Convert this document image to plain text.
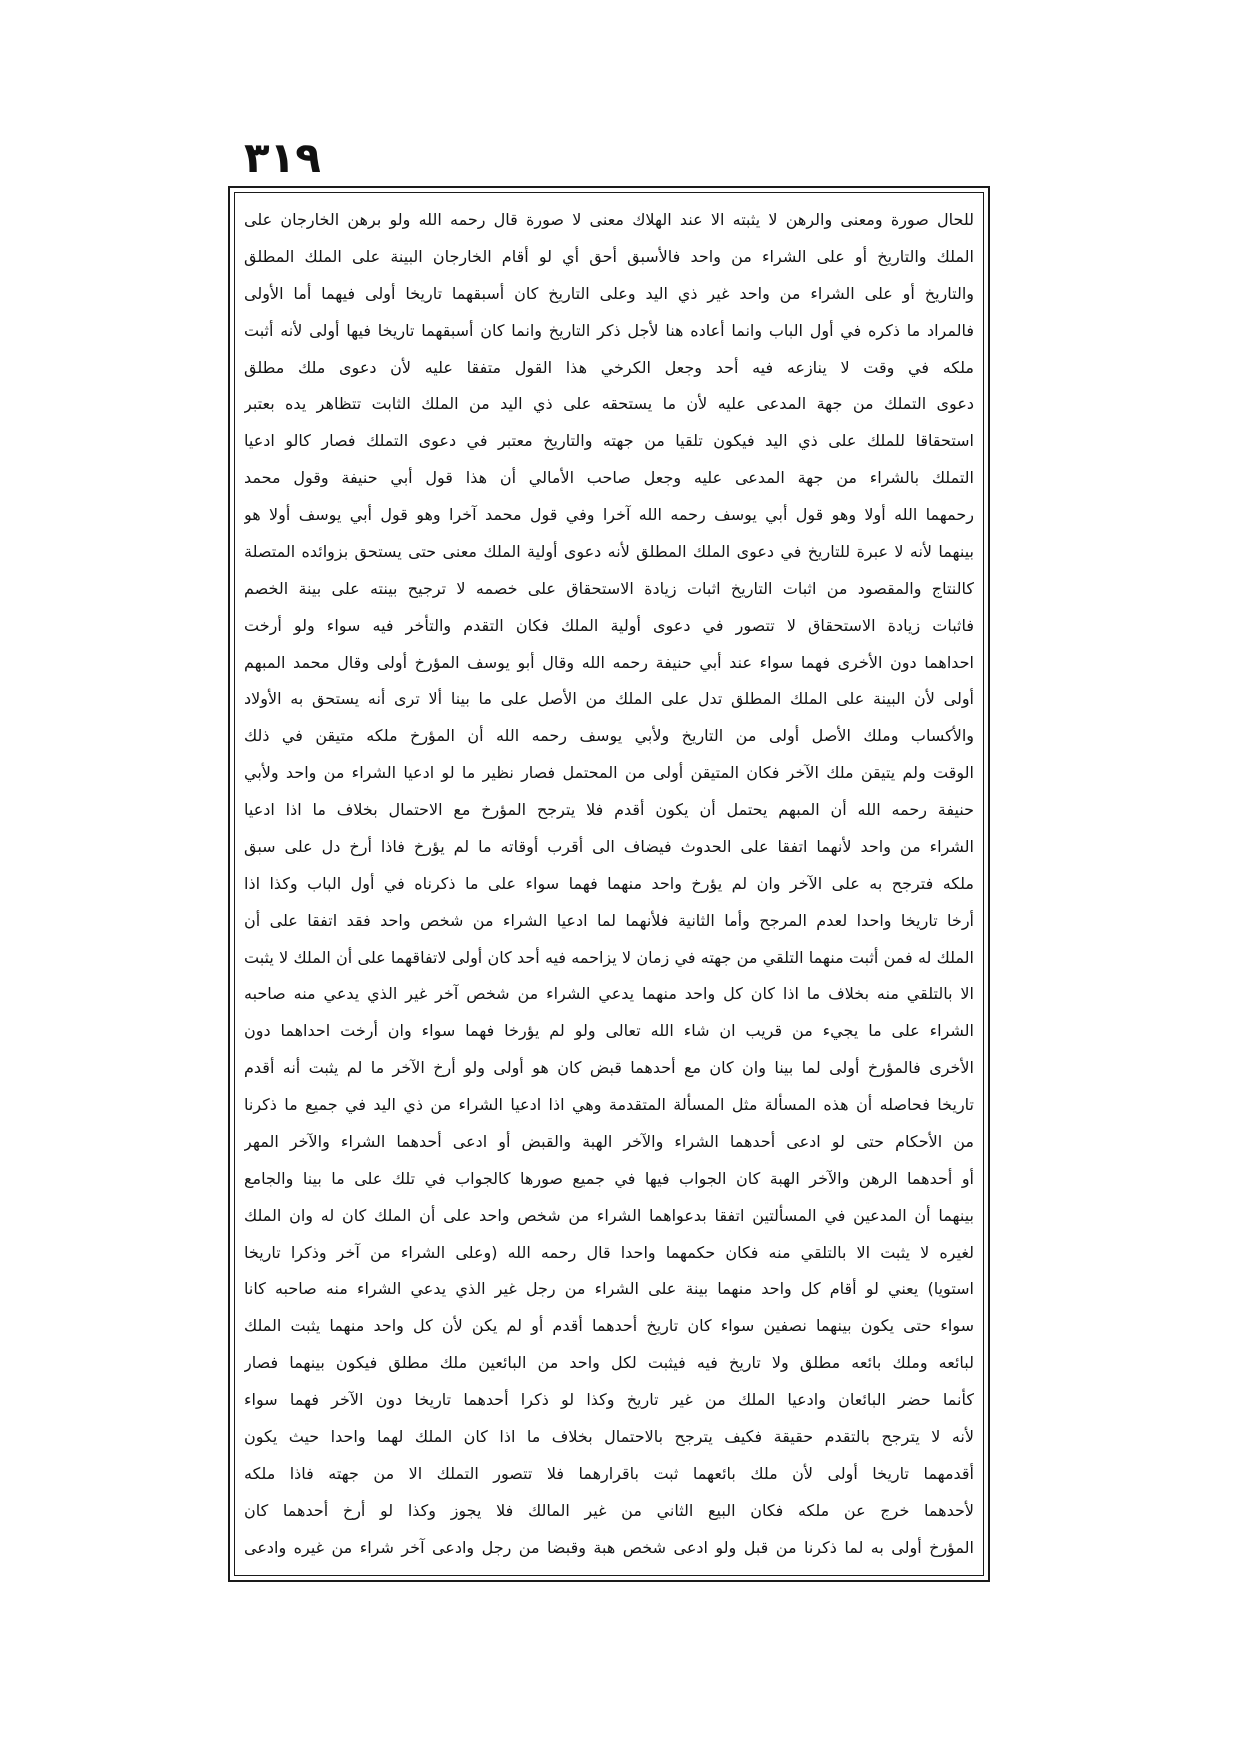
٣١٩
للحال صورة ومعنى والرهن لا يثبته الا عند الهلاك معنى لا صورة قال رحمه الله ولو برهن الخارجان على
الملك والتاريخ أو على الشراء من واحد فالأسبق أحق أي لو أقام الخارجان البينة على الملك المطلق
والتاريخ أو على الشراء من واحد غير ذي اليد وعلى التاريخ كان أسبقهما تاريخا أولى فيهما أما الأولى
فالمراد ما ذكره في أول الباب وانما أعاده هنا لأجل ذكر التاريخ وانما كان أسبقهما تاريخا فيها أولى لأنه أثبت
ملكه في وقت لا ينازعه فيه أحد وجعل الكرخي هذا القول متفقا عليه لأن دعوى ملك مطلق
دعوى التملك من جهة المدعى عليه لأن ما يستحقه على ذي اليد من الملك الثابت تتظاهر يده بعتبر
استحقاقا للملك على ذي اليد فيكون تلقيا من جهته والتاريخ معتبر في دعوى التملك فصار كالو ادعيا
التملك بالشراء من جهة المدعى عليه وجعل صاحب الأمالي أن هذا قول أبي حنيفة وقول محمد
رحمهما الله أولا وهو قول أبي يوسف رحمه الله آخرا وفي قول محمد آخرا وهو قول أبي يوسف أولا هو
بينهما لأنه لا عبرة للتاريخ في دعوى الملك المطلق لأنه دعوى أولية الملك معنى حتى يستحق بزوائده المتصلة
كالنتاج والمقصود من اثبات التاريخ اثبات زيادة الاستحقاق على خصمه لا ترجيح بينته على بينة الخصم
فاثبات زيادة الاستحقاق لا تتصور في دعوى أولية الملك فكان التقدم والتأخر فيه سواء ولو أرخت
احداهما دون الأخرى فهما سواء عند أبي حنيفة رحمه الله وقال أبو يوسف المؤرخ أولى وقال محمد المبهم
أولى لأن البينة على الملك المطلق تدل على الملك من الأصل على ما بينا ألا ترى أنه يستحق به الأولاد
والأكساب وملك الأصل أولى من التاريخ ولأبي يوسف رحمه الله أن المؤرخ ملكه متيقن في ذلك
الوقت ولم يتيقن ملك الآخر فكان المتيقن أولى من المحتمل فصار نظير ما لو ادعيا الشراء من واحد ولأبي
حنيفة رحمه الله أن المبهم يحتمل أن يكون أقدم فلا يترجح المؤرخ مع الاحتمال بخلاف ما اذا ادعيا
الشراء من واحد لأنهما اتفقا على الحدوث فيضاف الى أقرب أوقاته ما لم يؤرخ فاذا أرخ دل على سبق
ملكه فترجح به على الآخر وان لم يؤرخ واحد منهما فهما سواء على ما ذكرناه في أول الباب وكذا اذا
أرخا تاريخا واحدا لعدم المرجح وأما الثانية فلأنهما لما ادعيا الشراء من شخص واحد فقد اتفقا على أن
الملك له فمن أثبت منهما التلقي من جهته في زمان لا يزاحمه فيه أحد كان أولى لاتفاقهما على أن الملك لا يثبت
الا بالتلقي منه بخلاف ما اذا كان كل واحد منهما يدعي الشراء من شخص آخر غير الذي يدعي منه صاحبه
الشراء على ما يجيء من قريب ان شاء الله تعالى ولو لم يؤرخا فهما سواء وان أرخت احداهما دون
الأخرى فالمؤرخ أولى لما بينا وان كان مع أحدهما قبض كان هو أولى ولو أرخ الآخر ما لم يثبت أنه أقدم
تاريخا فحاصله أن هذه المسألة مثل المسألة المتقدمة وهي اذا ادعيا الشراء من ذي اليد في جميع ما ذكرنا
من الأحكام حتى لو ادعى أحدهما الشراء والآخر الهبة والقبض أو ادعى أحدهما الشراء والآخر المهر
أو أحدهما الرهن والآخر الهبة كان الجواب فيها في جميع صورها كالجواب في تلك على ما بينا والجامع
بينهما أن المدعين في المسألتين اتفقا بدعواهما الشراء من شخص واحد على أن الملك كان له وان الملك
لغيره لا يثبت الا بالتلقي منه فكان حكمهما واحدا قال رحمه الله (وعلى الشراء من آخر وذكرا تاريخا
استويا) يعني لو أقام كل واحد منهما بينة على الشراء من رجل غير الذي يدعي الشراء منه صاحبه كانا
سواء حتى يكون بينهما نصفين سواء كان تاريخ أحدهما أقدم أو لم يكن لأن كل واحد منهما يثبت الملك
لبائعه وملك بائعه مطلق ولا تاريخ فيه فيثبت لكل واحد من البائعين ملك مطلق فيكون بينهما فصار
كأنما حضر البائعان وادعيا الملك من غير تاريخ وكذا لو ذكرا أحدهما تاريخا دون الآخر فهما سواء
لأنه لا يترجح بالتقدم حقيقة فكيف يترجح بالاحتمال بخلاف ما اذا كان الملك لهما واحدا حيث يكون
أقدمهما تاريخا أولى لأن ملك بائعهما ثبت باقرارهما فلا تتصور التملك الا من جهته فاذا ملكه
لأحدهما خرج عن ملكه فكان البيع الثاني من غير المالك فلا يجوز وكذا لو أرخ أحدهما كان
المؤرخ أولى به لما ذكرنا من قبل ولو ادعى شخص هبة وقبضا من رجل وادعى آخر شراء من غيره وادعى
